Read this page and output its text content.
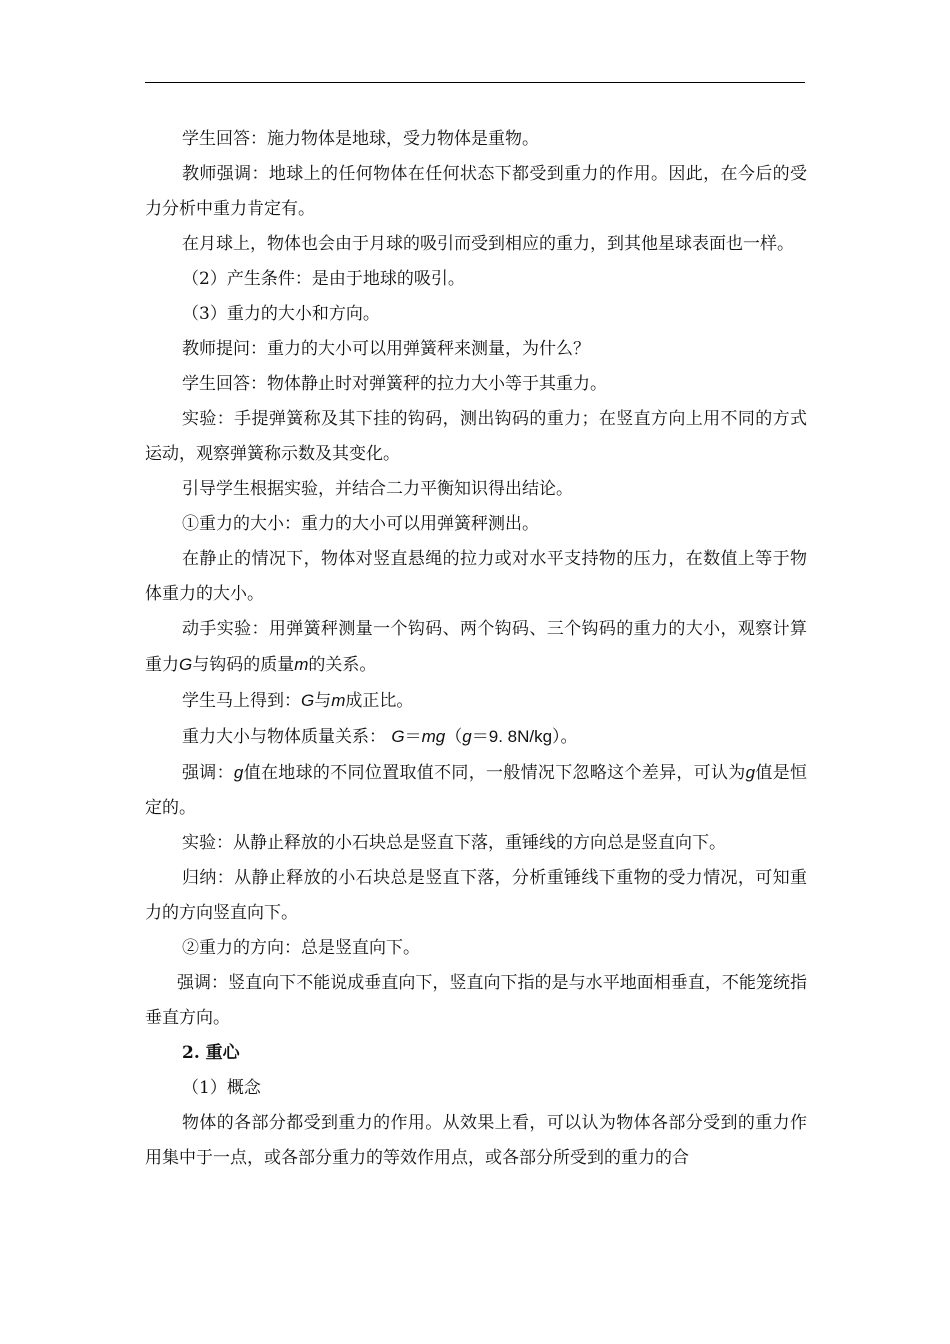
学生回答：施力物体是地球，受力物体是重物。

教师强调：地球上的任何物体在任何状态下都受到重力的作用。因此，在今后的受力分析中重力肯定有。

在月球上，物体也会由于月球的吸引而受到相应的重力，到其他星球表面也一样。

（2）产生条件：是由于地球的吸引。

（3）重力的大小和方向。

教师提问：重力的大小可以用弹簧秤来测量，为什么？

学生回答：物体静止时对弹簧秤的拉力大小等于其重力。

实验：手提弹簧称及其下挂的钩码，测出钩码的重力；在竖直方向上用不同的方式运动，观察弹簧称示数及其变化。

引导学生根据实验，并结合二力平衡知识得出结论。

①重力的大小：重力的大小可以用弹簧秤测出。

在静止的情况下，物体对竖直悬绳的拉力或对水平支持物的压力，在数值上等于物体重力的大小。

动手实验：用弹簧秤测量一个钩码、两个钩码、三个钩码的重力的大小，观察计算重力G与钩码的质量m的关系。

学生马上得到：G与m成正比。

重力大小与物体质量关系： G＝mg（g＝9. 8N/kg）。

强调：g值在地球的不同位置取值不同，一般情况下忽略这个差异，可认为g值是恒定的。

实验：从静止释放的小石块总是竖直下落，重锤线的方向总是竖直向下。

归纳：从静止释放的小石块总是竖直下落，分析重锤线下重物的受力情况，可知重力的方向竖直向下。

②重力的方向：总是竖直向下。

强调：竖直向下不能说成垂直向下，竖直向下指的是与水平地面相垂直，不能笼统指垂直方向。

2. 重心

（1）概念

物体的各部分都受到重力的作用。从效果上看，可以认为物体各部分受到的重力作用集中于一点，或各部分重力的等效作用点，或各部分所受到的重力的合
